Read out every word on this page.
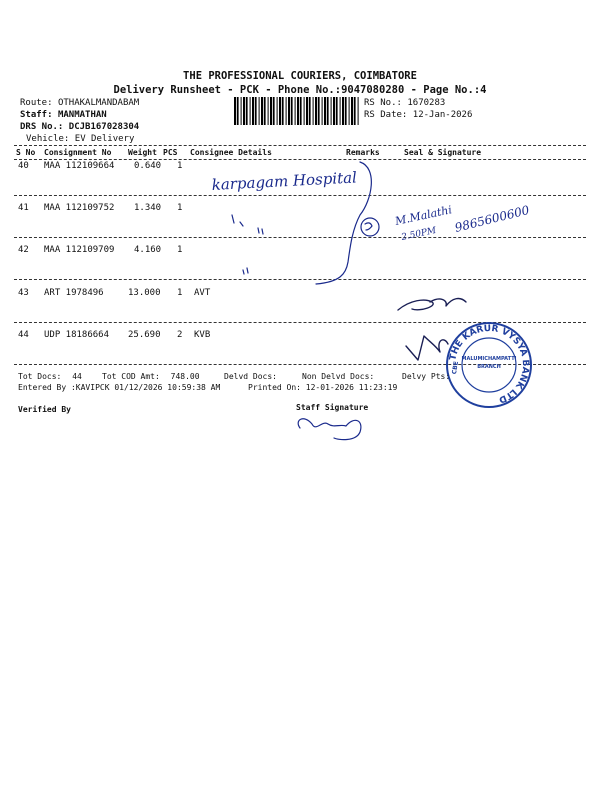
THE PROFESSIONAL COURIERS, COIMBATORE
Delivery Runsheet - PCK - Phone No.:9047080280 - Page No.:4
Route: OTHAKALMANDABAM
Staff: MANMATHAN
DRS No.: DCJB167028304
Vehicle: EV Delivery
RS No.: 1670283
RS Date: 12-Jan-2026
S No Consignment No Weight PCS Consignee Details	Remarks	Seal & Signature
40 MAA 112109664 0.640 1
41 MAA 112109752 1.340 1
42 MAA 112109709 4.160 1
43 ART 1978496	13.000 1 AVT
44 UDP 18186664 25.690 2 KVB
karpagam Hospital
M.Malathi
2.50PM 9865600600
THE KARUR VYSYA BANK LTD
MALUMICHAMPATTI
BRANCH
CBE
Tot Docs: 44	Tot COD Amt: 748.00	Delvd Docs:	Non Delvd Docs:	Delvy Pts:
Entered By :KAVIPCK 01/12/2026 10:59:38 AM	Printed On: 12-01-2026 11:23:19
Verified By	Staff Signature
